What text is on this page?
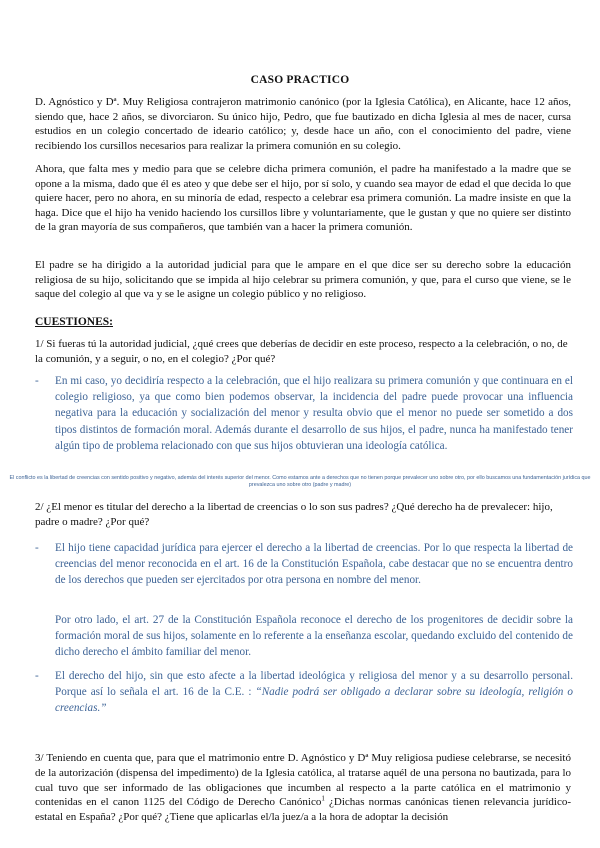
CASO PRACTICO

D. Agnóstico y Dª. Muy Religiosa contrajeron matrimonio canónico (por la Iglesia Católica), en Alicante, hace 12 años, siendo que, hace 2 años, se divorciaron. Su único hijo, Pedro, que fue bautizado en dicha Iglesia al mes de nacer, cursa estudios en un colegio concertado de ideario católico; y, desde hace un año, con el conocimiento del padre, viene recibiendo los cursillos necesarios para realizar la primera comunión en su colegio.

Ahora, que falta mes y medio para que se celebre dicha primera comunión, el padre ha manifestado a la madre que se opone a la misma, dado que él es ateo y que debe ser el hijo, por sí solo, y cuando sea mayor de edad el que decida lo que quiere hacer, pero no ahora, en su minoría de edad, respecto a celebrar esa primera comunión. La madre insiste en que la haga. Dice que el hijo ha venido haciendo los cursillos libre y voluntariamente, que le gustan y que no quiere ser distinto de la gran mayoría de sus compañeros, que también van a hacer la primera comunión.

El padre se ha dirigido a la autoridad judicial para que le ampare en el que dice ser su derecho sobre la educación religiosa de su hijo, solicitando que se impida al hijo celebrar su primera comunión, y que, para el curso que viene, se le saque del colegio al que va y se le asigne un colegio público y no religioso.

CUESTIONES:

1/ Si fueras tú la autoridad judicial, ¿qué crees que deberías de decidir en este proceso, respecto a la celebración, o no, de la comunión, y a seguir, o no, en el colegio? ¿Por qué?

- En mi caso, yo decidiría respecto a la celebración, que el hijo realizara su primera comunión y que continuara en el colegio religioso, ya que como bien podemos observar, la incidencia del padre puede provocar una influencia negativa para la educación y socialización del menor y resulta obvio que el menor no puede ser sometido a dos tipos distintos de formación moral. Además durante el desarrollo de sus hijos, el padre, nunca ha manifestado tener algún tipo de problema relacionado con que sus hijos obtuvieran una ideología católica.
El conflicto es la libertad de creencias con sentido positivo y negativo, además del interés superior del menor. Como estamos ante a derechos que no tienen porque prevalecer uno sobre otro, por ello buscamos una fundamentación jurídica que prevalezca uno sobre otro (padre y madre)

2/ ¿El menor es titular del derecho a la libertad de creencias o lo son sus padres? ¿Qué derecho ha de prevalecer: hijo, padre o madre? ¿Por qué?

- El hijo tiene capacidad jurídica para ejercer el derecho a la libertad de creencias. Por lo que respecta la libertad de creencias del menor reconocida en el art. 16 de la Constitución Española, cabe destacar que no se encuentra dentro de los derechos que pueden ser ejercitados por otra persona en nombre del menor.
Por otro lado, el art. 27 de la Constitución Española reconoce el derecho de los progenitores de decidir sobre la formación moral de sus hijos, solamente en lo referente a la enseñanza escolar, quedando excluido del contenido de dicho derecho el ámbito familiar del menor.
- El derecho del hijo, sin que esto afecte a la libertad ideológica y religiosa del menor y a su desarrollo personal. Porque así lo señala el art. 16 de la C.E. : “Nadie podrá ser obligado a declarar sobre su ideología, religión o creencias.”

3/ Teniendo en cuenta que, para que el matrimonio entre D. Agnóstico y Dª Muy religiosa pudiese celebrarse, se necesitó de la autorización (dispensa del impedimento) de la Iglesia católica, al tratarse aquél de una persona no bautizada, para lo cual tuvo que ser informado de las obligaciones que incumben al respecto a la parte católica en el matrimonio y contenidas en el canon 1125 del Código de Derecho Canónico$^1$ ¿Dichas normas canónicas tienen relevancia jurídico-estatal en España? ¿Por qué? ¿Tiene que aplicarlas el/la juez/a a la hora de adoptar la decisión
